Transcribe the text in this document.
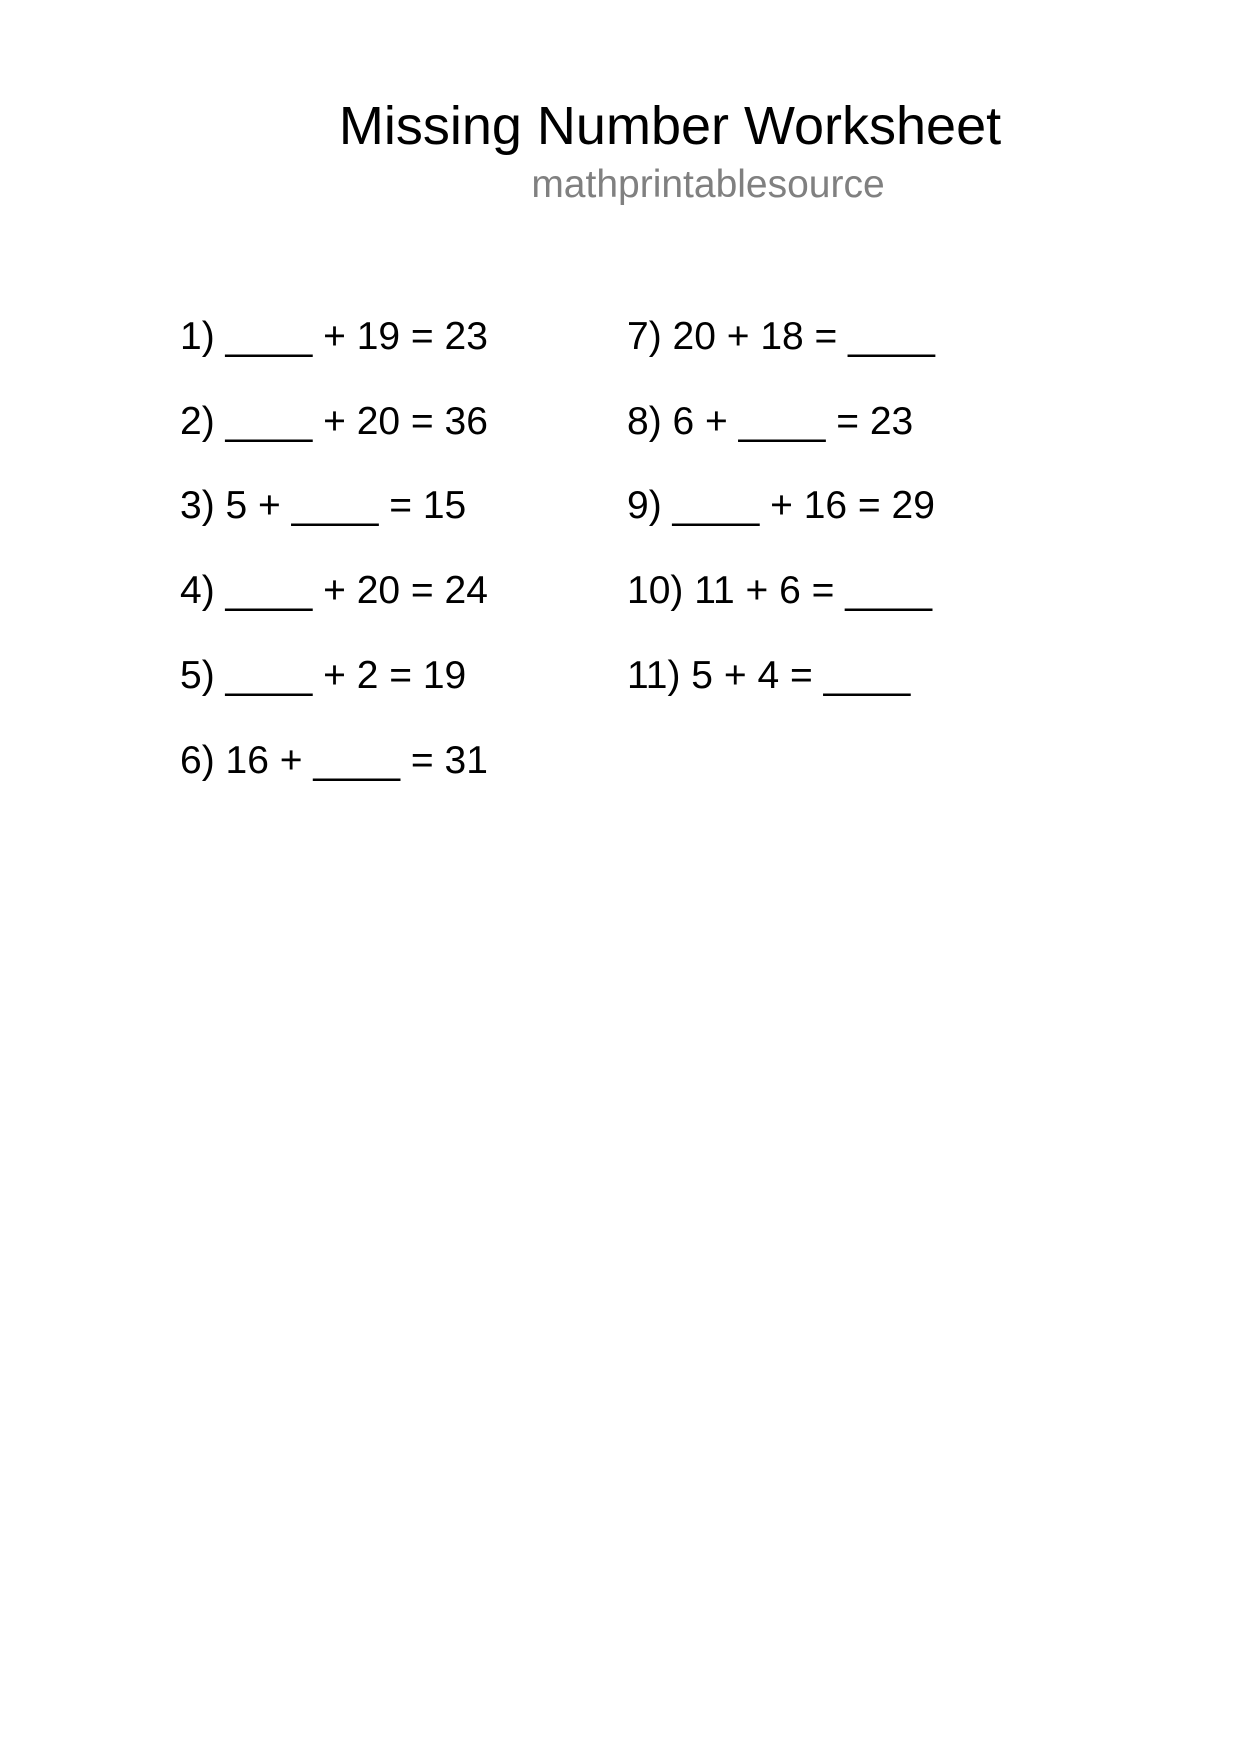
Missing Number Worksheet
mathprintablesource
1) ____ + 19 = 23
2) ____ + 20 = 36
3) 5 + ____ = 15
4) ____ + 20 = 24
5) ____ + 2 = 19
6) 16 + ____ = 31
7) 20 + 18 = ____
8) 6 + ____ = 23
9) ____ + 16 = 29
10) 11 + 6 = ____
11) 5 + 4 = ____
